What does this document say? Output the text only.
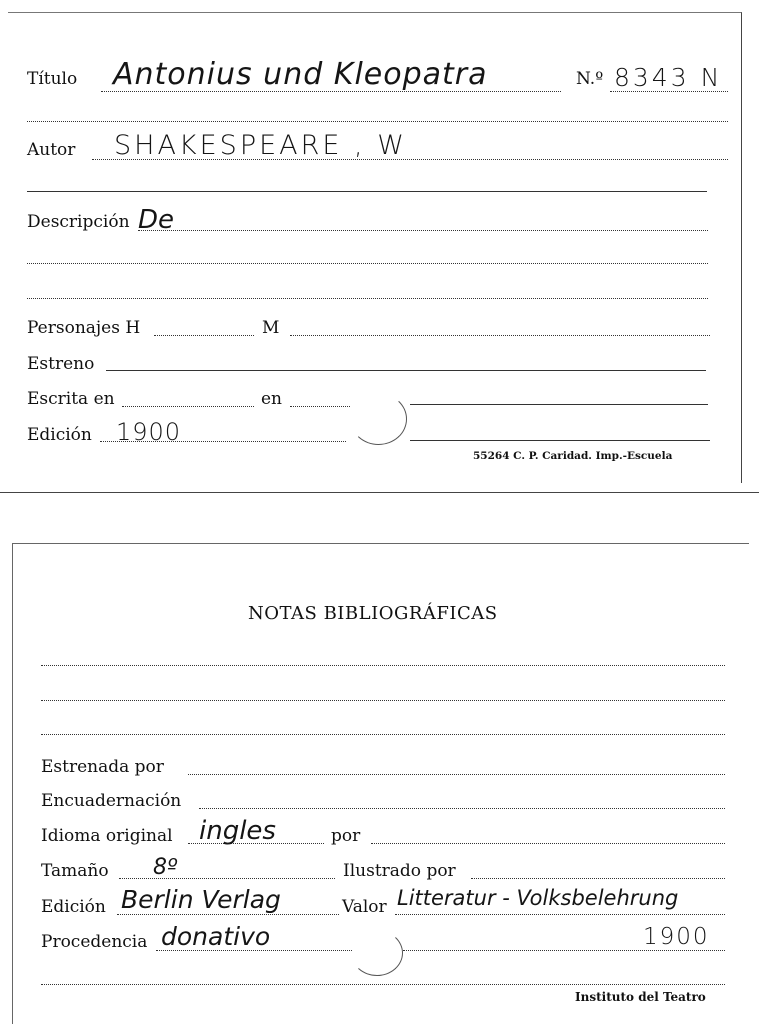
Título Antonius und Kleopatra	N.º 8343 N
Autor SHAKESPEARE , W
Descripción De
Personajes H	M
Estreno
Escrita en	en
Edición 1900
55264 C. P. Caridad. Imp.-Escuela
NOTAS BIBLIOGRÁFICAS
Estrenada por
Encuadernación
Idioma original ingles	por
Tamaño 8º	Ilustrado por
Edición Berlin Verlag	Valor Litteratur - Volksbelehrung
Procedencia donativo	1900
Instituto del Teatro
